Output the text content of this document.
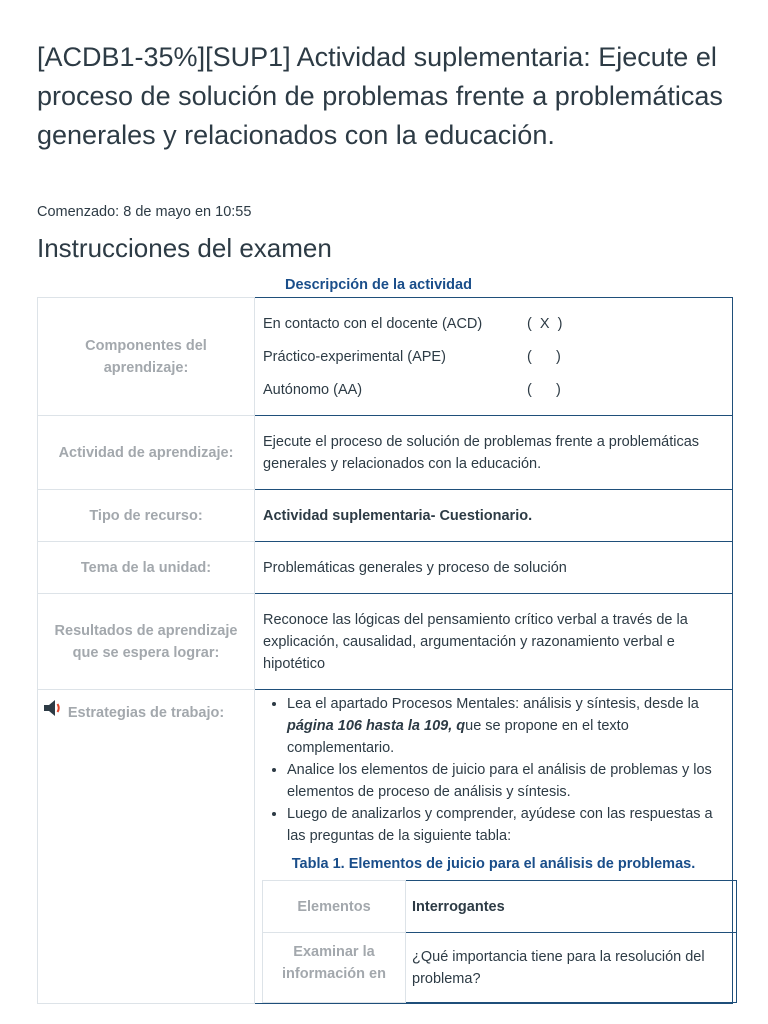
[ACDB1-35%][SUP1] Actividad suplementaria: Ejecute el proceso de solución de problemas frente a problemáticas generales y relacionados con la educación.
Comenzado: 8 de mayo en 10:55
Instrucciones del examen
Descripción de la actividad
Componentes del aprendizaje:	
En contacto con el docente (ACD)	(  X  )
Práctico-experimental (APE)	(      )
Autónomo (AA)	(      )

Actividad de aprendizaje:	Ejecute el proceso de solución de problemas frente a problemáticas generales y relacionados con la educación.
Tipo de recurso:	Actividad suplementaria- Cuestionario.
Tema de la unidad:	Problemáticas generales y proceso de solución
Resultados de aprendizaje que se espera lograr:	Reconoce las lógicas del pensamiento crítico verbal a través de la explicación, causalidad, argumentación y razonamiento verbal e hipotético

Estrategias de trabajo:	
• Lea el apartado Procesos Mentales: análisis y síntesis, desde la página 106 hasta la 109, que se propone en el texto complementario.
• Analice los elementos de juicio para el análisis de problemas y los elementos de proceso de análisis y síntesis.
• Luego de analizarlos y comprender, ayúdese con las respuestas a las preguntas de la siguiente tabla:
Tabla 1. Elementos de juicio para el análisis de problemas.
Elementos	Interrogantes
Examinar la información en	¿Qué importancia tiene para la resolución del problema?
